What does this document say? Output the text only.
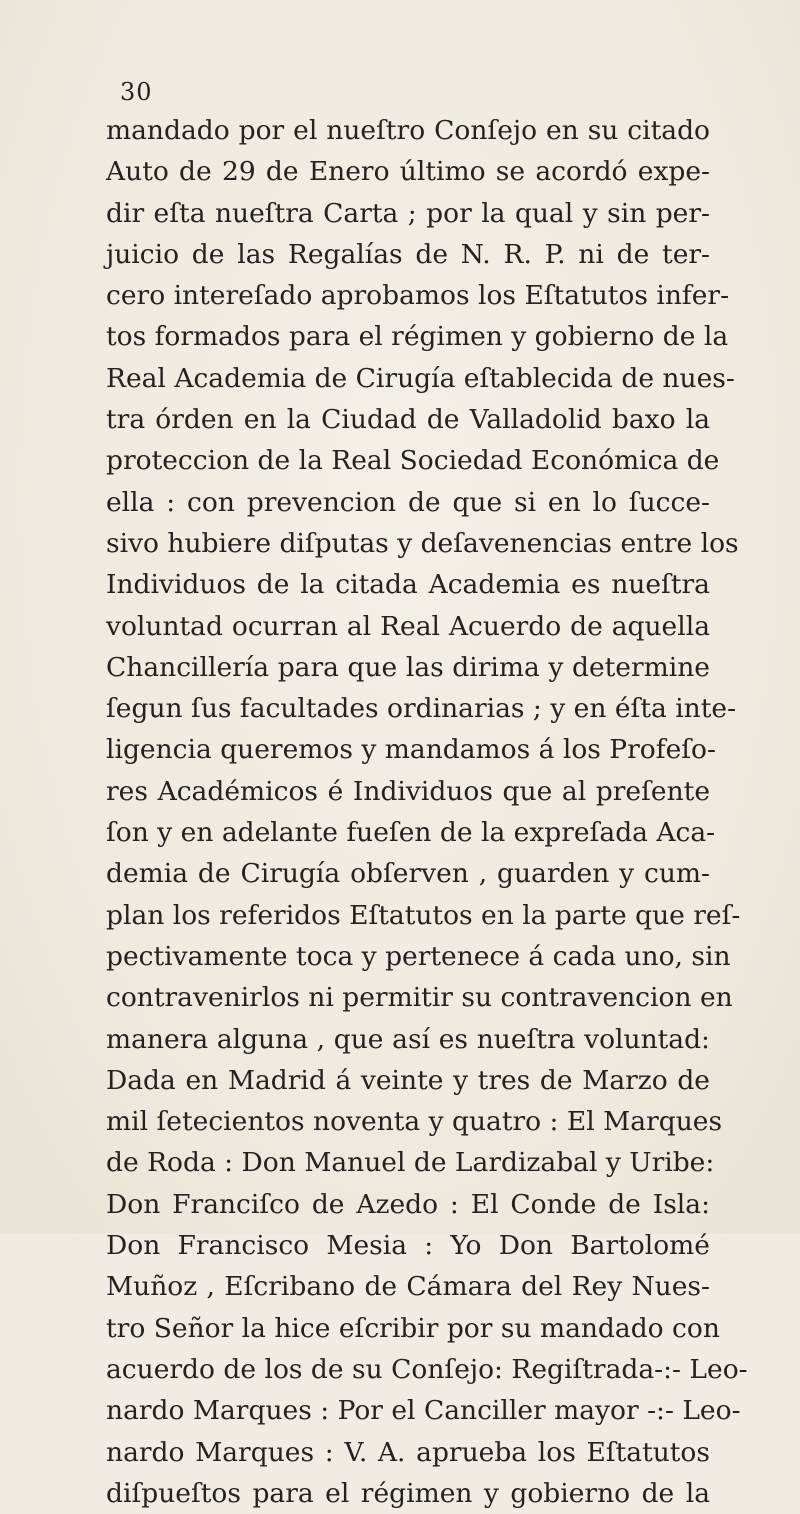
30
mandado por el nueſtro Conſejo en su citado
Auto de 29 de Enero último se acordó expe-
dir eſta nueſtra Carta ; por la qual y sin per-
juicio de las Regalías de N. R. P. ni de ter-
cero intereſado aprobamos los Eſtatutos infer-
tos formados para el régimen y gobierno de la
Real Academia de Cirugía eſtablecida de nues-
tra órden en la Ciudad de Valladolid baxo la
proteccion de la Real Sociedad Económica de
ella : con prevencion de que si en lo ſucce-
sivo hubiere diſputas y deſavenencias entre los
Individuos de la citada Academia es nueſtra
voluntad ocurran al Real Acuerdo de aquella
Chancillería para que las dirima y determine
ſegun ſus facultades ordinarias ; y en éſta inte-
ligencia queremos y mandamos á los Profeſo-
res Académicos é Individuos que al preſente
ſon y en adelante fueſen de la expreſada Aca-
demia de Cirugía obſerven , guarden y cum-
plan los referidos Eſtatutos en la parte que reſ-
pectivamente toca y pertenece á cada uno, sin
contravenirlos ni permitir su contravencion en
manera alguna , que así es nueſtra voluntad:
Dada en Madrid á veinte y tres de Marzo de
mil ſetecientos noventa y quatro : El Marques
de Roda : Don Manuel de Lardizabal y Uribe:
Don Franciſco de Azedo : El Conde de Isla:
Don Francisco Mesia : Yo Don Bartolomé
Muñoz , Eſcribano de Cámara del Rey Nues-
tro Señor la hice eſcribir por su mandado con
acuerdo de los de su Conſejo: Regiſtrada-:- Leo-
nardo Marques : Por el Canciller mayor -:- Leo-
nardo Marques : V. A. aprueba los Eſtatutos
diſpueſtos para el régimen y gobierno de la
